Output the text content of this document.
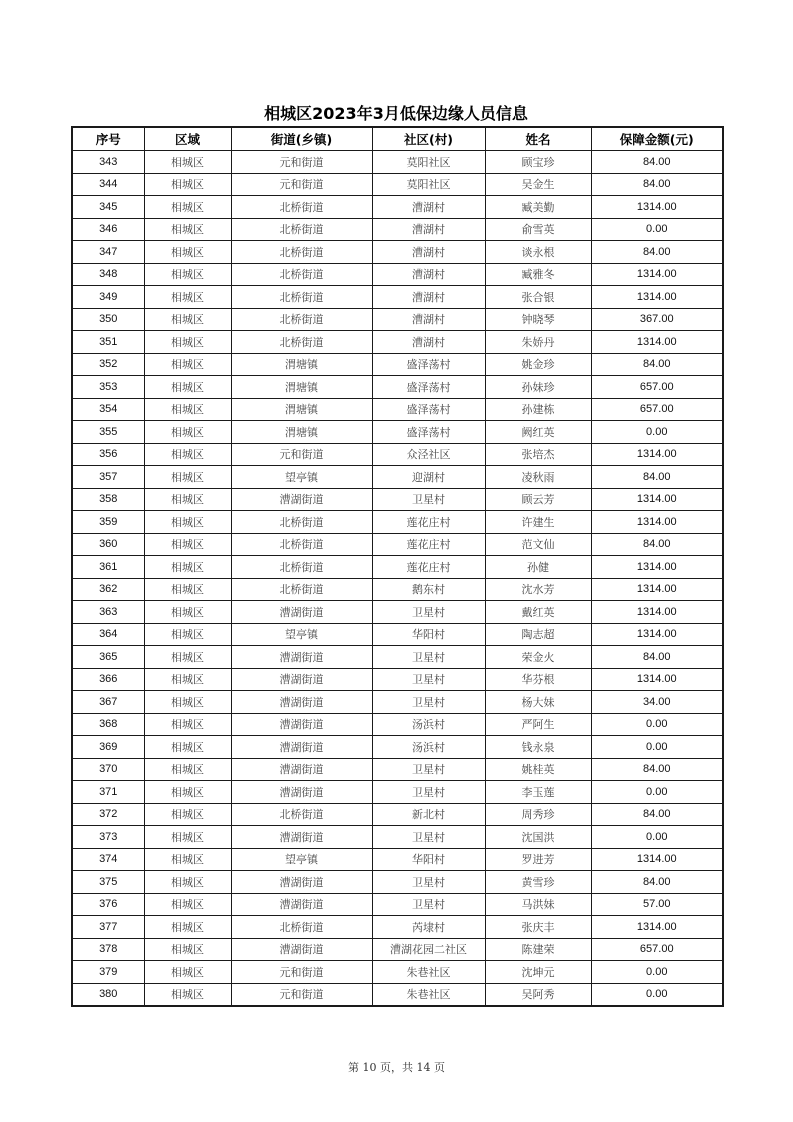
相城区2023年3月低保边缘人员信息
序号	区域	街道(乡镇)	社区(村)	姓名	保障金额(元)
343	相城区	元和街道	莫阳社区	顾宝珍	84.00
344	相城区	元和街道	莫阳社区	吴金生	84.00
345	相城区	北桥街道	漕湖村	臧美勤	1314.00
346	相城区	北桥街道	漕湖村	俞雪英	0.00
347	相城区	北桥街道	漕湖村	谈永根	84.00
348	相城区	北桥街道	漕湖村	臧雅冬	1314.00
349	相城区	北桥街道	漕湖村	张合银	1314.00
350	相城区	北桥街道	漕湖村	钟晓琴	367.00
351	相城区	北桥街道	漕湖村	朱娇丹	1314.00
352	相城区	渭塘镇	盛泽荡村	姚金珍	84.00
353	相城区	渭塘镇	盛泽荡村	孙妹珍	657.00
354	相城区	渭塘镇	盛泽荡村	孙建栋	657.00
355	相城区	渭塘镇	盛泽荡村	阙红英	0.00
356	相城区	元和街道	众泾社区	张培杰	1314.00
357	相城区	望亭镇	迎湖村	凌秋雨	84.00
358	相城区	漕湖街道	卫星村	顾云芳	1314.00
359	相城区	北桥街道	莲花庄村	许建生	1314.00
360	相城区	北桥街道	莲花庄村	范文仙	84.00
361	相城区	北桥街道	莲花庄村	孙健	1314.00
362	相城区	北桥街道	鹅东村	沈水芳	1314.00
363	相城区	漕湖街道	卫星村	戴红英	1314.00
364	相城区	望亭镇	华阳村	陶志超	1314.00
365	相城区	漕湖街道	卫星村	荣金火	84.00
366	相城区	漕湖街道	卫星村	华芬根	1314.00
367	相城区	漕湖街道	卫星村	杨大妹	34.00
368	相城区	漕湖街道	汤浜村	严阿生	0.00
369	相城区	漕湖街道	汤浜村	钱永泉	0.00
370	相城区	漕湖街道	卫星村	姚桂英	84.00
371	相城区	漕湖街道	卫星村	李玉莲	0.00
372	相城区	北桥街道	新北村	周秀珍	84.00
373	相城区	漕湖街道	卫星村	沈国洪	0.00
374	相城区	望亭镇	华阳村	罗进芳	1314.00
375	相城区	漕湖街道	卫星村	黄雪珍	84.00
376	相城区	漕湖街道	卫星村	马洪妹	57.00
377	相城区	北桥街道	芮埭村	张庆丰	1314.00
378	相城区	漕湖街道	漕湖花园二社区	陈建荣	657.00
379	相城区	元和街道	朱巷社区	沈坤元	0.00
380	相城区	元和街道	朱巷社区	吴阿秀	0.00
第 10 页，共 14 页
